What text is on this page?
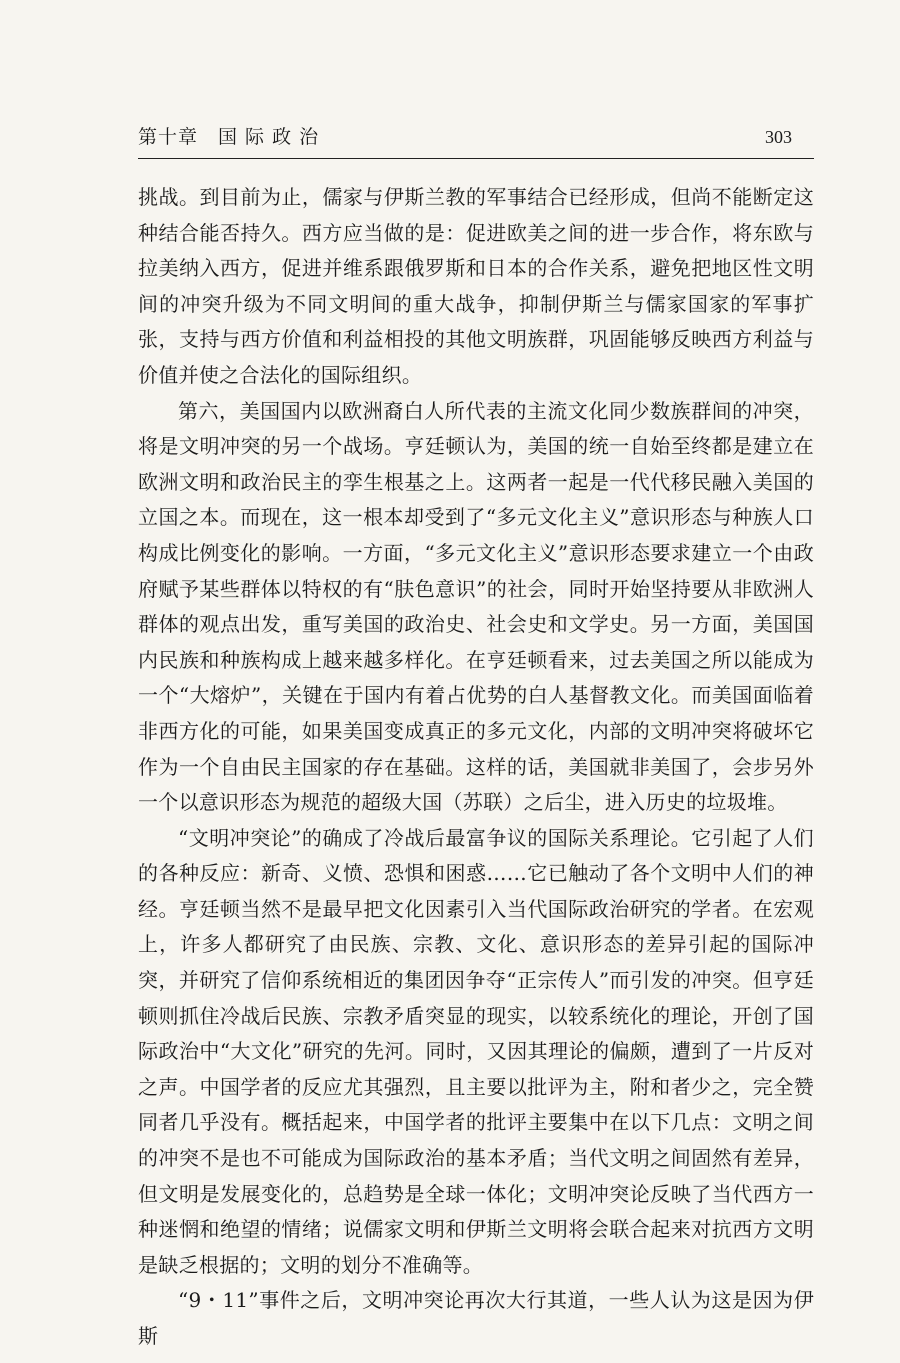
第十章　国 际 政 治	303

挑战。到目前为止，儒家与伊斯兰教的军事结合已经形成，但尚不能断定这种结合能否持久。西方应当做的是：促进欧美之间的进一步合作，将东欧与拉美纳入西方，促进并维系跟俄罗斯和日本的合作关系，避免把地区性文明间的冲突升级为不同文明间的重大战争，抑制伊斯兰与儒家国家的军事扩张，支持与西方价值和利益相投的其他文明族群，巩固能够反映西方利益与价值并使之合法化的国际组织。

第六，美国国内以欧洲裔白人所代表的主流文化同少数族群间的冲突，将是文明冲突的另一个战场。亨廷顿认为，美国的统一自始至终都是建立在欧洲文明和政治民主的孪生根基之上。这两者一起是一代代移民融入美国的立国之本。而现在，这一根本却受到了“多元文化主义”意识形态与种族人口构成比例变化的影响。一方面，“多元文化主义”意识形态要求建立一个由政府赋予某些群体以特权的有“肤色意识”的社会，同时开始坚持要从非欧洲人群体的观点出发，重写美国的政治史、社会史和文学史。另一方面，美国国内民族和种族构成上越来越多样化。在亨廷顿看来，过去美国之所以能成为一个“大熔炉”，关键在于国内有着占优势的白人基督教文化。而美国面临着非西方化的可能，如果美国变成真正的多元文化，内部的文明冲突将破坏它作为一个自由民主国家的存在基础。这样的话，美国就非美国了，会步另外一个以意识形态为规范的超级大国（苏联）之后尘，进入历史的垃圾堆。

“文明冲突论”的确成了冷战后最富争议的国际关系理论。它引起了人们的各种反应：新奇、义愤、恐惧和困惑……它已触动了各个文明中人们的神经。亨廷顿当然不是最早把文化因素引入当代国际政治研究的学者。在宏观上，许多人都研究了由民族、宗教、文化、意识形态的差异引起的国际冲突，并研究了信仰系统相近的集团因争夺“正宗传人”而引发的冲突。但亨廷顿则抓住冷战后民族、宗教矛盾突显的现实，以较系统化的理论，开创了国际政治中“大文化”研究的先河。同时，又因其理论的偏颇，遭到了一片反对之声。中国学者的反应尤其强烈，且主要以批评为主，附和者少之，完全赞同者几乎没有。概括起来，中国学者的批评主要集中在以下几点：文明之间的冲突不是也不可能成为国际政治的基本矛盾；当代文明之间固然有差异，但文明是发展变化的，总趋势是全球一体化；文明冲突论反映了当代西方一种迷惘和绝望的情绪；说儒家文明和伊斯兰文明将会联合起来对抗西方文明是缺乏根据的；文明的划分不准确等。

“9・11”事件之后，文明冲突论再次大行其道，一些人认为这是因为伊斯
